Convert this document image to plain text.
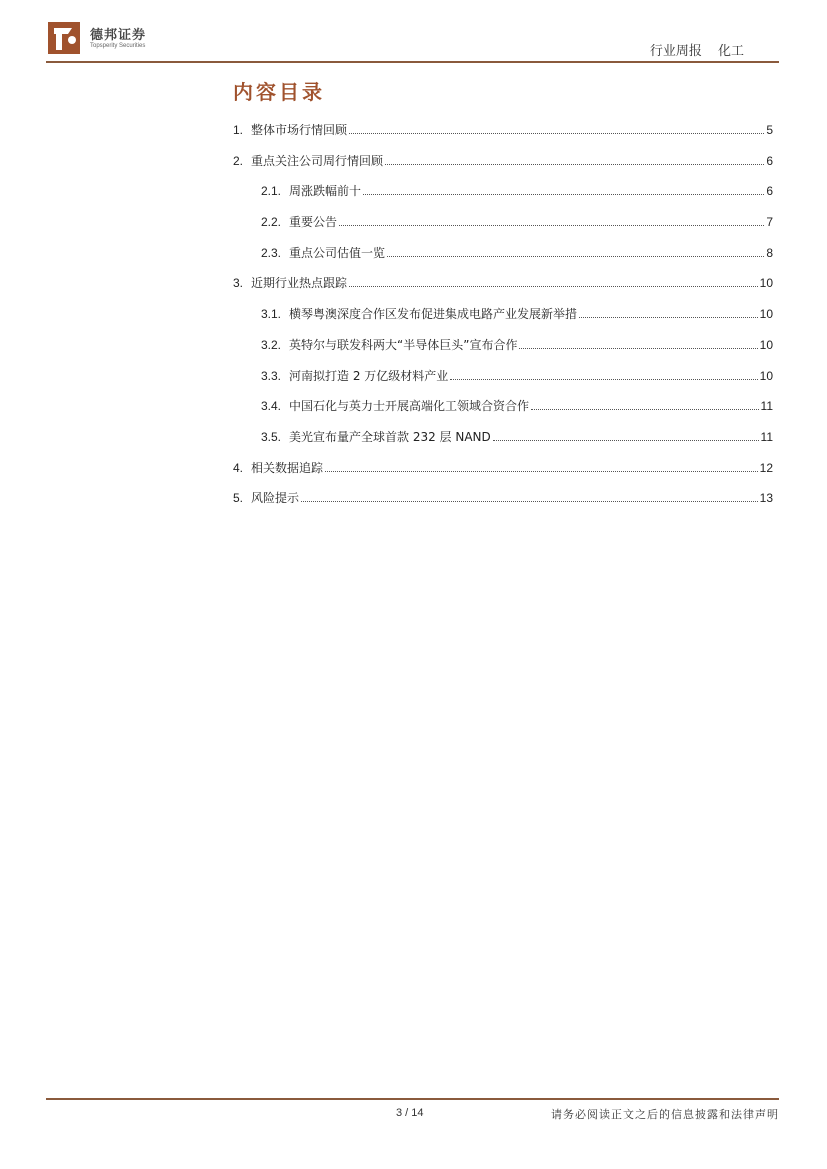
德邦证券
Topsperity Securities	行业周报 化工
内容目录
1. 整体市场行情回顾	5
2. 重点关注公司周行情回顾	6
2.1. 周涨跌幅前十	6
2.2. 重要公告	7
2.3. 重点公司估值一览	8
3. 近期行业热点跟踪	10
3.1. 横琴粤澳深度合作区发布促进集成电路产业发展新举措	10
3.2. 英特尔与联发科两大“半导体巨头”宣布合作	10
3.3. 河南拟打造 2 万亿级材料产业	10
3.4. 中国石化与英力士开展高端化工领域合资合作	11
3.5. 美光宣布量产全球首款 232 层 NAND	11
4. 相关数据追踪	12
5. 风险提示	13
3 / 14	请务必阅读正文之后的信息披露和法律声明
